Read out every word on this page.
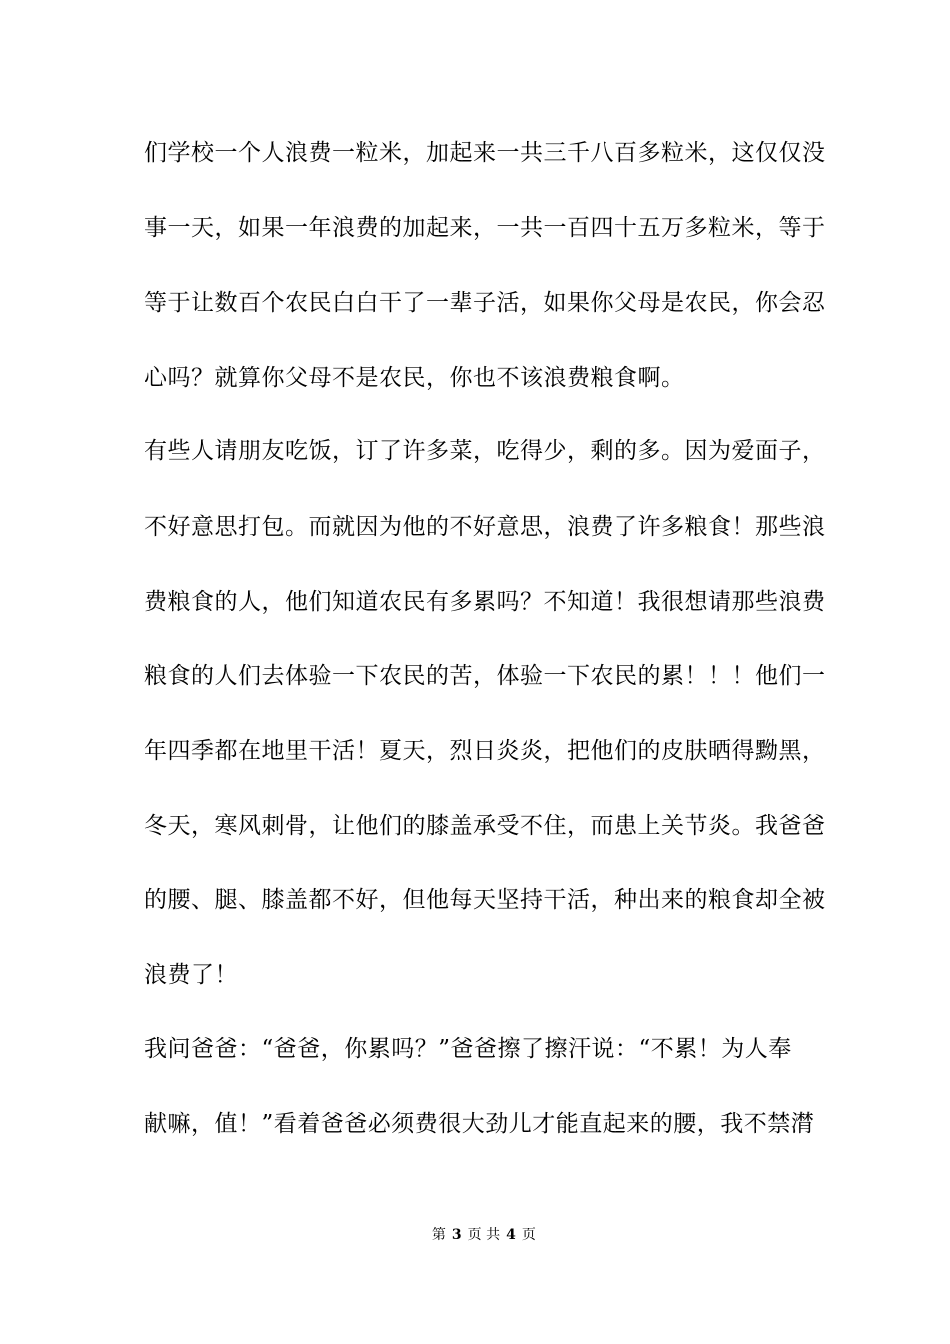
们学校一个人浪费一粒米，加起来一共三千八百多粒米，这仅仅没
事一天，如果一年浪费的加起来，一共一百四十五万多粒米，等于
等于让数百个农民白白干了一辈子活，如果你父母是农民，你会忍
心吗？就算你父母不是农民，你也不该浪费粮食啊。
有些人请朋友吃饭，订了许多菜，吃得少，剩的多。因为爱面子，
不好意思打包。而就因为他的不好意思，浪费了许多粮食！那些浪
费粮食的人，他们知道农民有多累吗？不知道！我很想请那些浪费
粮食的人们去体验一下农民的苦，体验一下农民的累！！！他们一
年四季都在地里干活！夏天，烈日炎炎，把他们的皮肤晒得黝黑，
冬天，寒风刺骨，让他们的膝盖承受不住，而患上关节炎。我爸爸
的腰、腿、膝盖都不好，但他每天坚持干活，种出来的粮食却全被
浪费了！
我问爸爸：“爸爸，你累吗？”爸爸擦了擦汗说：“不累！为人奉
献嘛，值！”看着爸爸必须费很大劲儿才能直起来的腰，我不禁潸

第 3 页 共 4 页
